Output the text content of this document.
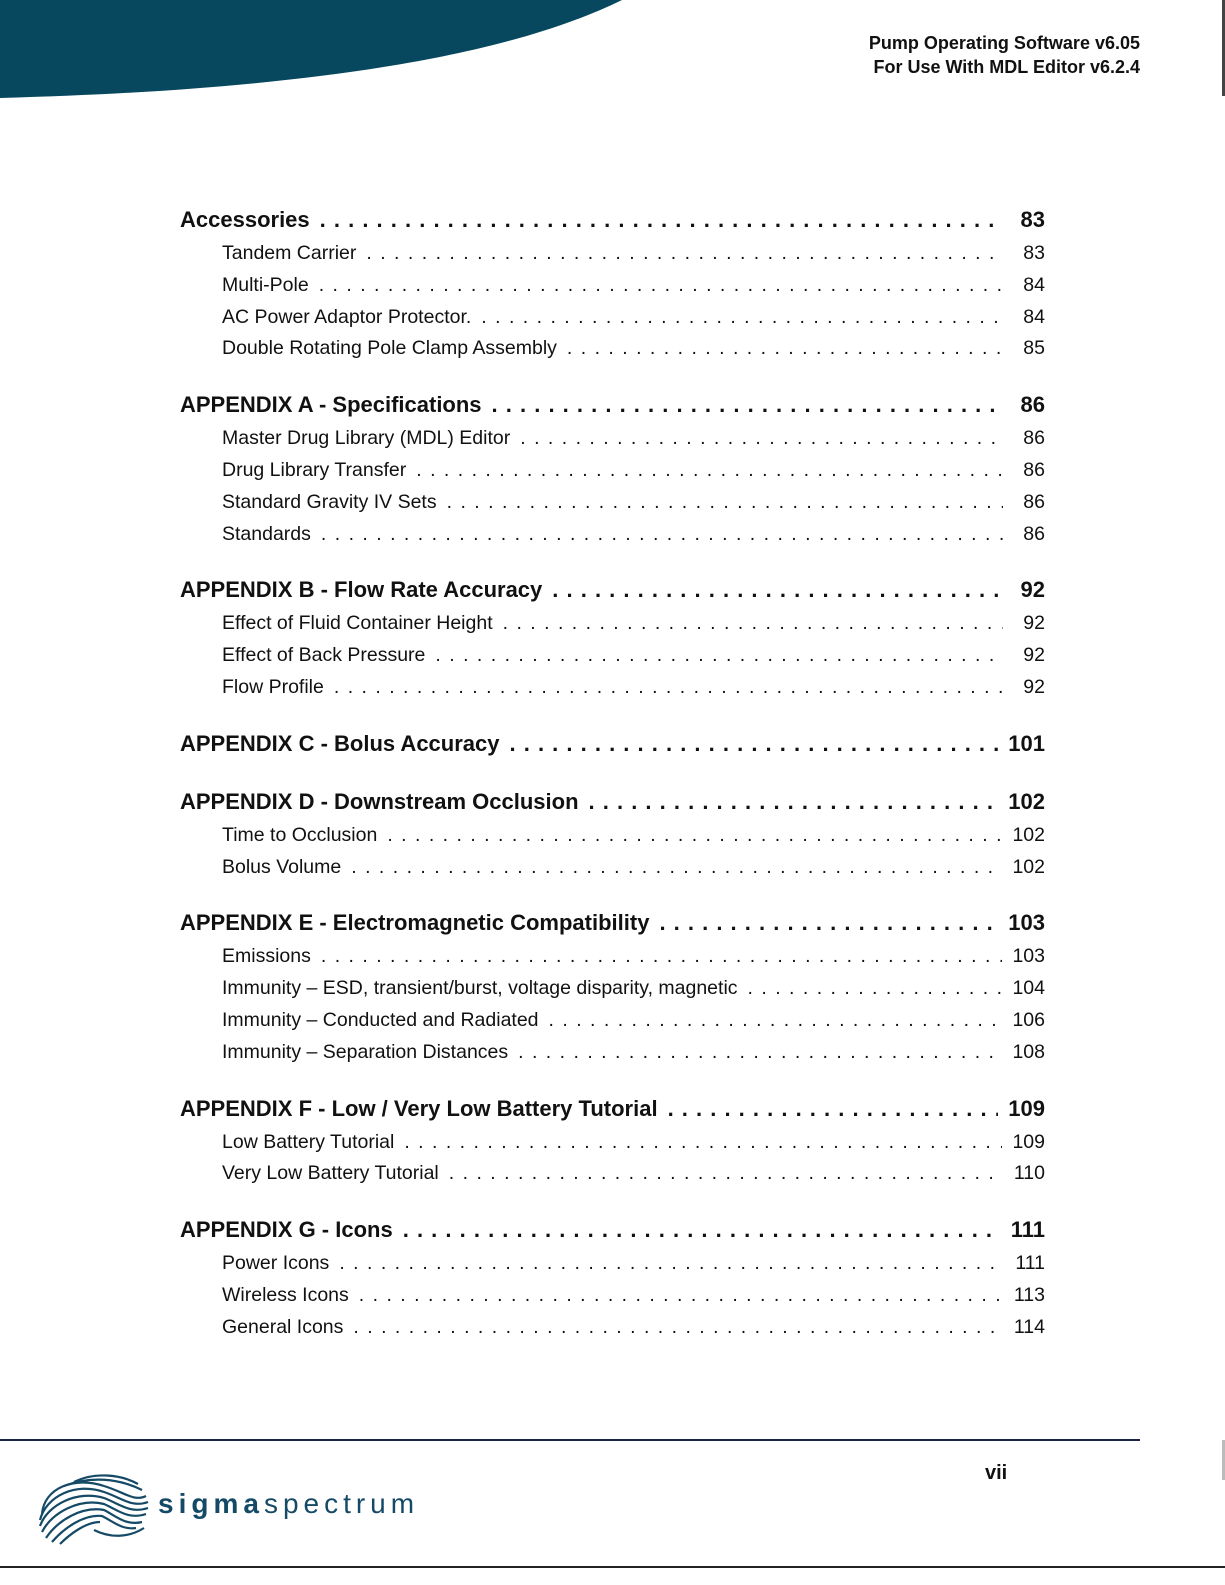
Pump Operating Software v6.05
For Use With MDL Editor v6.2.4
Accessories . . .	83
Tandem Carrier . . .	83
Multi-Pole . . .	84
AC Power Adaptor Protector. . . .	84
Double Rotating Pole Clamp Assembly . . .	85
APPENDIX A - Specifications . . .	86
Master Drug Library (MDL) Editor . . .	86
Drug Library Transfer . . .	86
Standard Gravity IV Sets . . .	86
Standards . . .	86
APPENDIX B - Flow Rate Accuracy . . .	92
Effect of Fluid Container Height . . .	92
Effect of Back Pressure . . .	92
Flow Profile . . .	92
APPENDIX C - Bolus Accuracy . . .	101
APPENDIX D - Downstream Occlusion . . .	102
Time to Occlusion . . .	102
Bolus Volume . . .	102
APPENDIX E - Electromagnetic Compatibility . . .	103
Emissions . . .	103
Immunity – ESD, transient/burst, voltage disparity, magnetic . . .	104
Immunity – Conducted and Radiated . . .	106
Immunity – Separation Distances . . .	108
APPENDIX F - Low / Very Low Battery Tutorial . . .	109
Low Battery Tutorial . . .	109
Very Low Battery Tutorial . . .	110
APPENDIX G - Icons . . .	111
Power Icons . . .	111
Wireless Icons . . .	113
General Icons . . .	114
sigmaspectrum
vii
